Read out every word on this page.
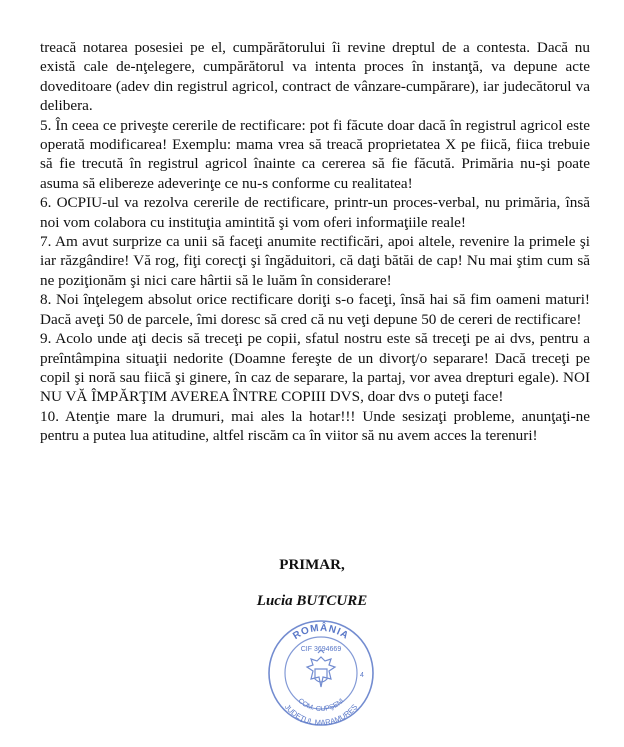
treacă notarea posesiei pe el, cumpărătorului îi revine dreptul de a contesta. Dacă nu există cale de-nţelegere, cumpărătorul va intenta proces în instanţă, va depune acte doveditoare (adev din registrul agricol, contract de vânzare-cumpărare), iar judecătorul va delibera.

5. În ceea ce priveşte cererile de rectificare: pot fi făcute doar dacă în registrul agricol este operată modificarea! Exemplu: mama vrea să treacă proprietatea X pe fiică, fiica trebuie să fie trecută în registrul agricol înainte ca cererea să fie făcută. Primăria nu-şi poate asuma să elibereze adeverinţe ce nu-s conforme cu realitatea!

6. OCPIU-ul va rezolva cererile de rectificare, printr-un proces-verbal, nu primăria, însă noi vom colabora cu instituţia amintită şi vom oferi informaţiile reale!

7. Am avut surprize ca unii să faceţi anumite rectificări, apoi altele, revenire la primele şi iar răzgândire! Vă rog, fiţi corecţi şi îngăduitori, că daţi bătăi de cap! Nu mai ştim cum să ne poziţionăm şi nici care hârtii să le luăm în considerare!

8. Noi înţelegem absolut orice rectificare doriţi s-o faceţi, însă hai să fim oameni maturi! Dacă aveţi 50 de parcele, îmi doresc să cred că nu veţi depune 50 de cereri de rectificare!

9. Acolo unde aţi decis să treceţi pe copii, sfatul nostru este să treceţi pe ai dvs, pentru a preîntâmpina situaţii nedorite (Doamne fereşte de un divorţ/o separare! Dacă treceţi pe copil şi noră sau fiică şi ginere, în caz de separare, la partaj, vor avea drepturi egale). NOI NU VĂ ÎMPĂRŢIM AVEREA ÎNTRE COPIII DVS, doar dvs o puteţi face!

10. Atenţie mare la drumuri, mai ales la hotar!!! Unde sesizaţi probleme, anunţaţi-ne pentru a putea lua atitudine, altfel riscăm ca în viitor să nu avem acces la terenuri!

PRIMAR,
Lucia BUTCURE
ROMÂNIA
JUDEŢUL MARAMUREŞ
COM. CUPŞENI
CIF 3694669
4
